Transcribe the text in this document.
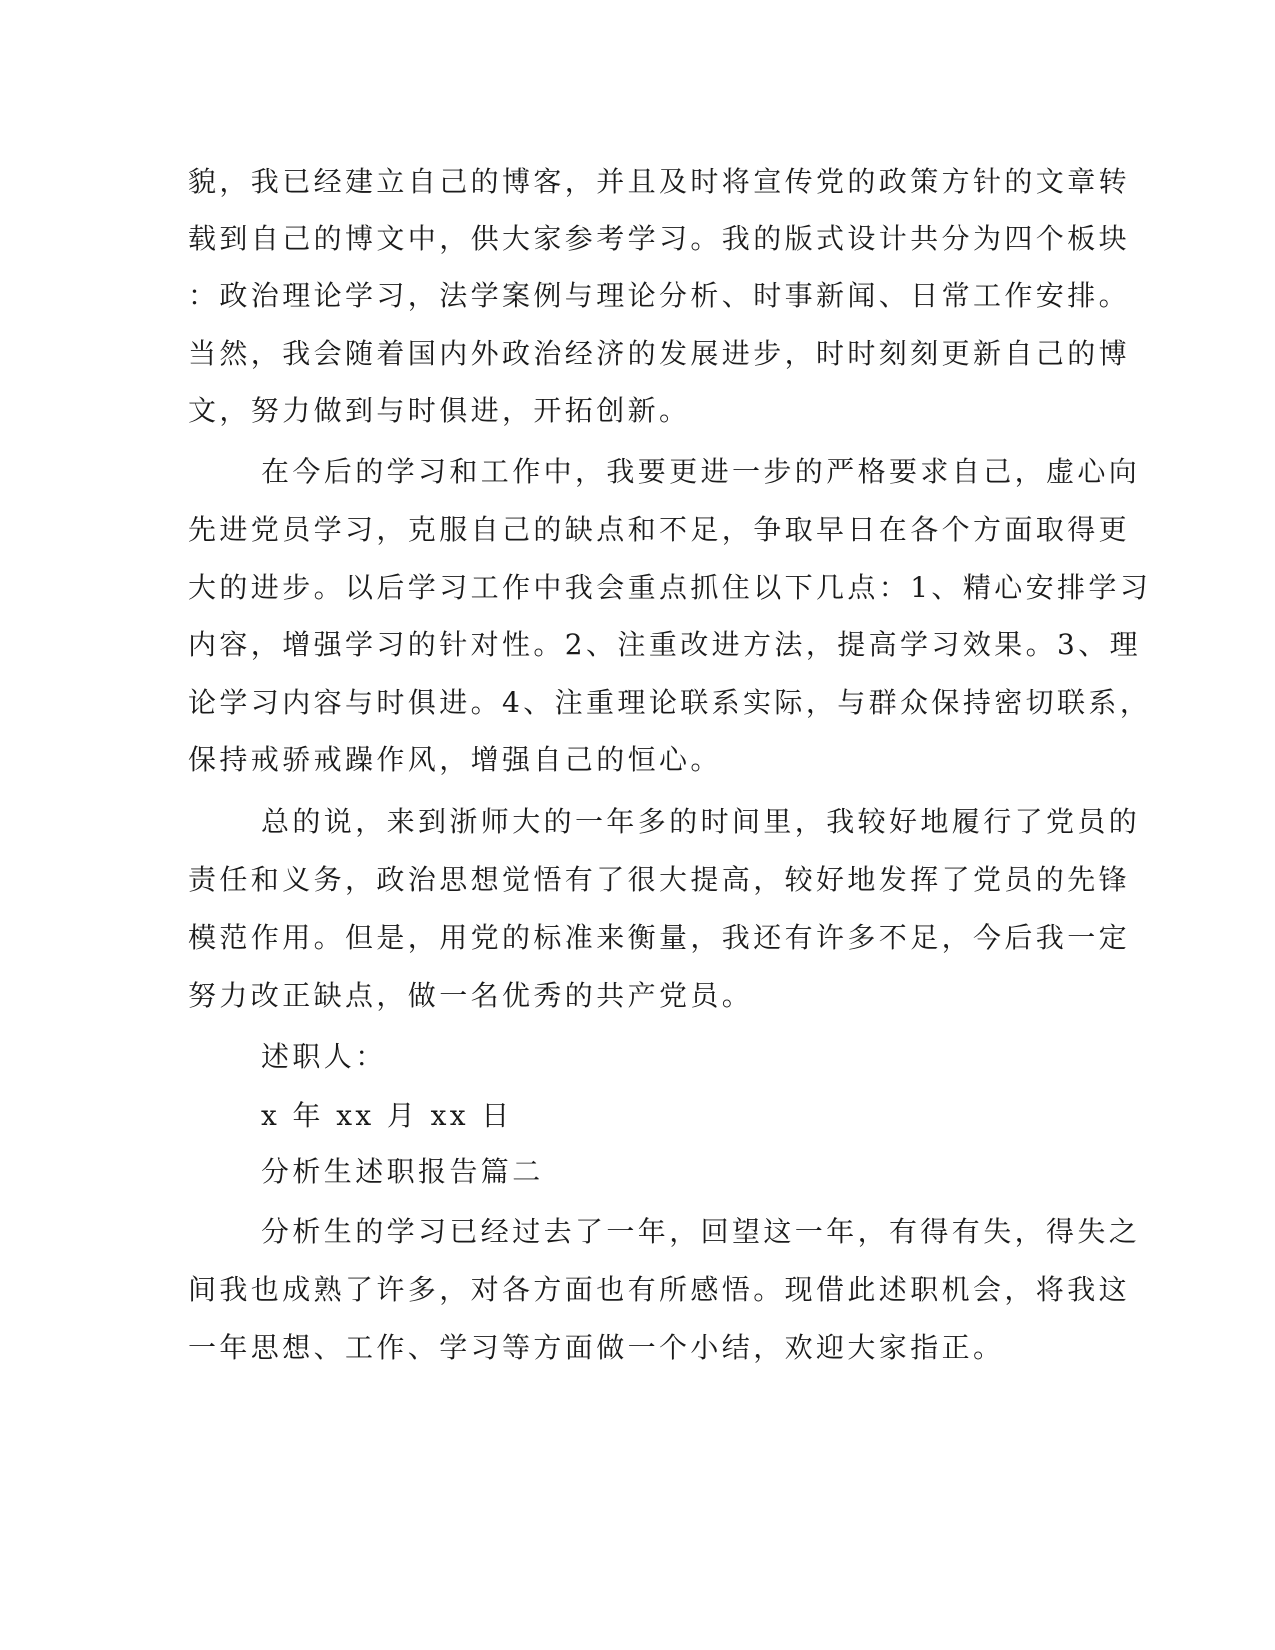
貌，我已经建立自己的博客，并且及时将宣传党的政策方针的文章转
载到自己的博文中，供大家参考学习。我的版式设计共分为四个板块
：政治理论学习，法学案例与理论分析、时事新闻、日常工作安排。
当然，我会随着国内外政治经济的发展进步，时时刻刻更新自己的博
文，努力做到与时俱进，开拓创新。
在今后的学习和工作中，我要更进一步的严格要求自己，虚心向
先进党员学习，克服自己的缺点和不足，争取早日在各个方面取得更
大的进步。以后学习工作中我会重点抓住以下几点：1、精心安排学习
内容，增强学习的针对性。2、注重改进方法，提高学习效果。3、理
论学习内容与时俱进。4、注重理论联系实际，与群众保持密切联系，
保持戒骄戒躁作风，增强自己的恒心。
总的说，来到浙师大的一年多的时间里，我较好地履行了党员的
责任和义务，政治思想觉悟有了很大提高，较好地发挥了党员的先锋
模范作用。但是，用党的标准来衡量，我还有许多不足，今后我一定
努力改正缺点，做一名优秀的共产党员。
述职人：
x 年 xx 月 xx 日
分析生述职报告篇二
分析生的学习已经过去了一年，回望这一年，有得有失，得失之
间我也成熟了许多，对各方面也有所感悟。现借此述职机会，将我这
一年思想、工作、学习等方面做一个小结，欢迎大家指正。
